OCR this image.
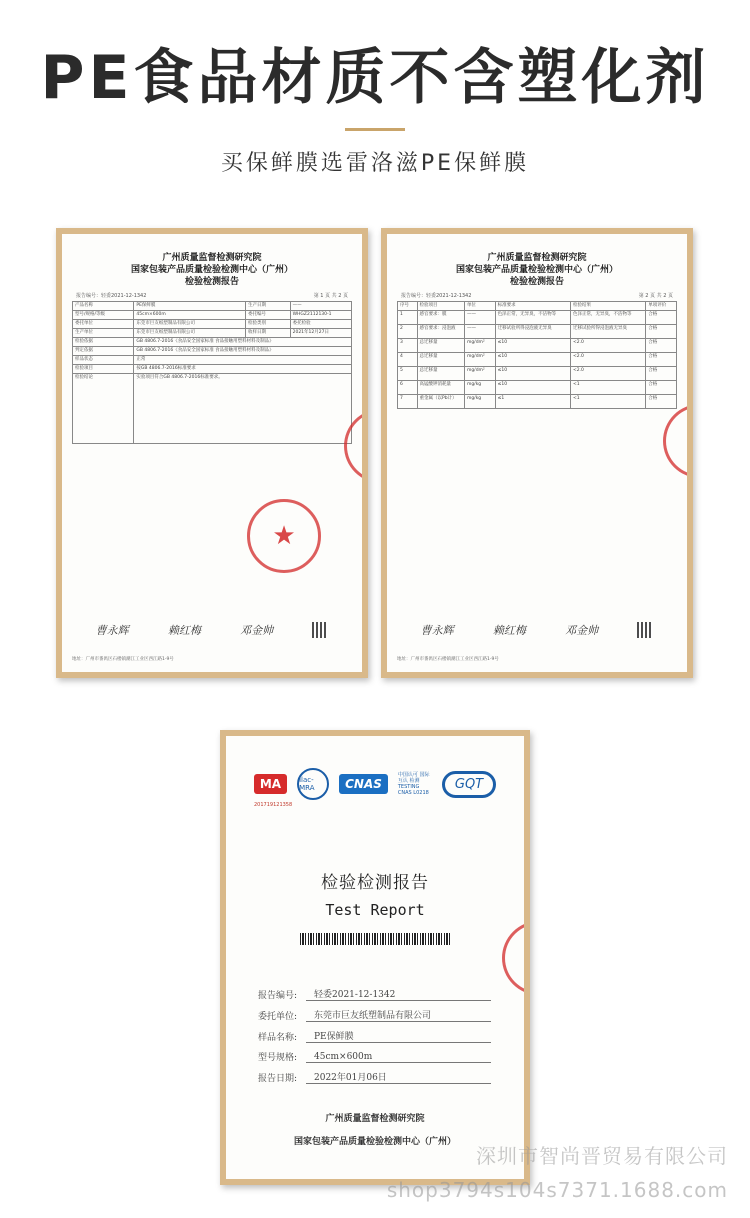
PE食品材质不含塑化剂
买保鲜膜选雷洛滋PE保鲜膜
广州质量监督检测研究院
国家包装产品质量检验检测中心（广州）
检验检测报告
报告编号：轻委2021-12-1342	第 1 页 共 2 页
产品名称	PE保鲜膜	生产日期	——
型号/规格/等级	45cm×600m	委托编号	WHGZ2112130-1
委托单位	东莞市巨友纸塑制品有限公司	检验类别	委托检验
生产单位	东莞市巨友纸塑制品有限公司	收样日期	2021年12月27日
检验依据	GB 4806.7-2016《食品安全国家标准 食品接触用塑料材料及制品》		
判定依据	GB 4806.7-2016《食品安全国家标准 食品接触用塑料材料及制品》		
样品状态	正常		
检验项目	按GB 4806.7-2016标准要求		
检验结论	实验项目符合GB 4806.7-2016标准要求。		
★
曹永辉	赖红梅	邓金帅
地址：广州市番禺区石楼镇潮江工业区西江路1-9号
广州质量监督检测研究院
国家包装产品质量检验检测中心（广州）
检验检测报告
报告编号：轻委2021-12-1342	第 2 页 共 2 页
序号	检验项目	单位	标准要求	检验结果	单项评价
1	感官要求：膜	——	色泽正常，无异臭，不洁物等	色泽正常，无异臭，不洁物等	合格
2	感官要求：浸泡液	——	迁移试验所得浸泡液无异臭	迁移试验所得浸泡液无异臭	合格
3	总迁移量	mg/dm²	≤10	<2.0	合格
4	总迁移量	mg/dm²	≤10	<2.0	合格
5	总迁移量	mg/dm²	≤10	<2.0	合格
6	高锰酸钾消耗量	mg/kg	≤10	<1	合格
7	重金属（以Pb计）	mg/kg	≤1	<1	合格
曹永辉	赖红梅	邓金帅
地址：广州市番禺区石楼镇潮江工业区西江路1-9号
MA	ilac-MRA	CNAS
中国认可 国际互认 检测 TESTING CNAS L0218
GQT
201719121358
检验检测报告
Test Report
报告编号:	轻委2021-12-1342
委托单位:	东莞市巨友纸塑制品有限公司
样品名称:	PE保鲜膜
型号规格:	45cm×600m
报告日期:	2022年01月06日
广州质量监督检测研究院
国家包装产品质量检验检测中心（广州）
深圳市智尚晋贸易有限公司
shop3794s104s7371.1688.com
